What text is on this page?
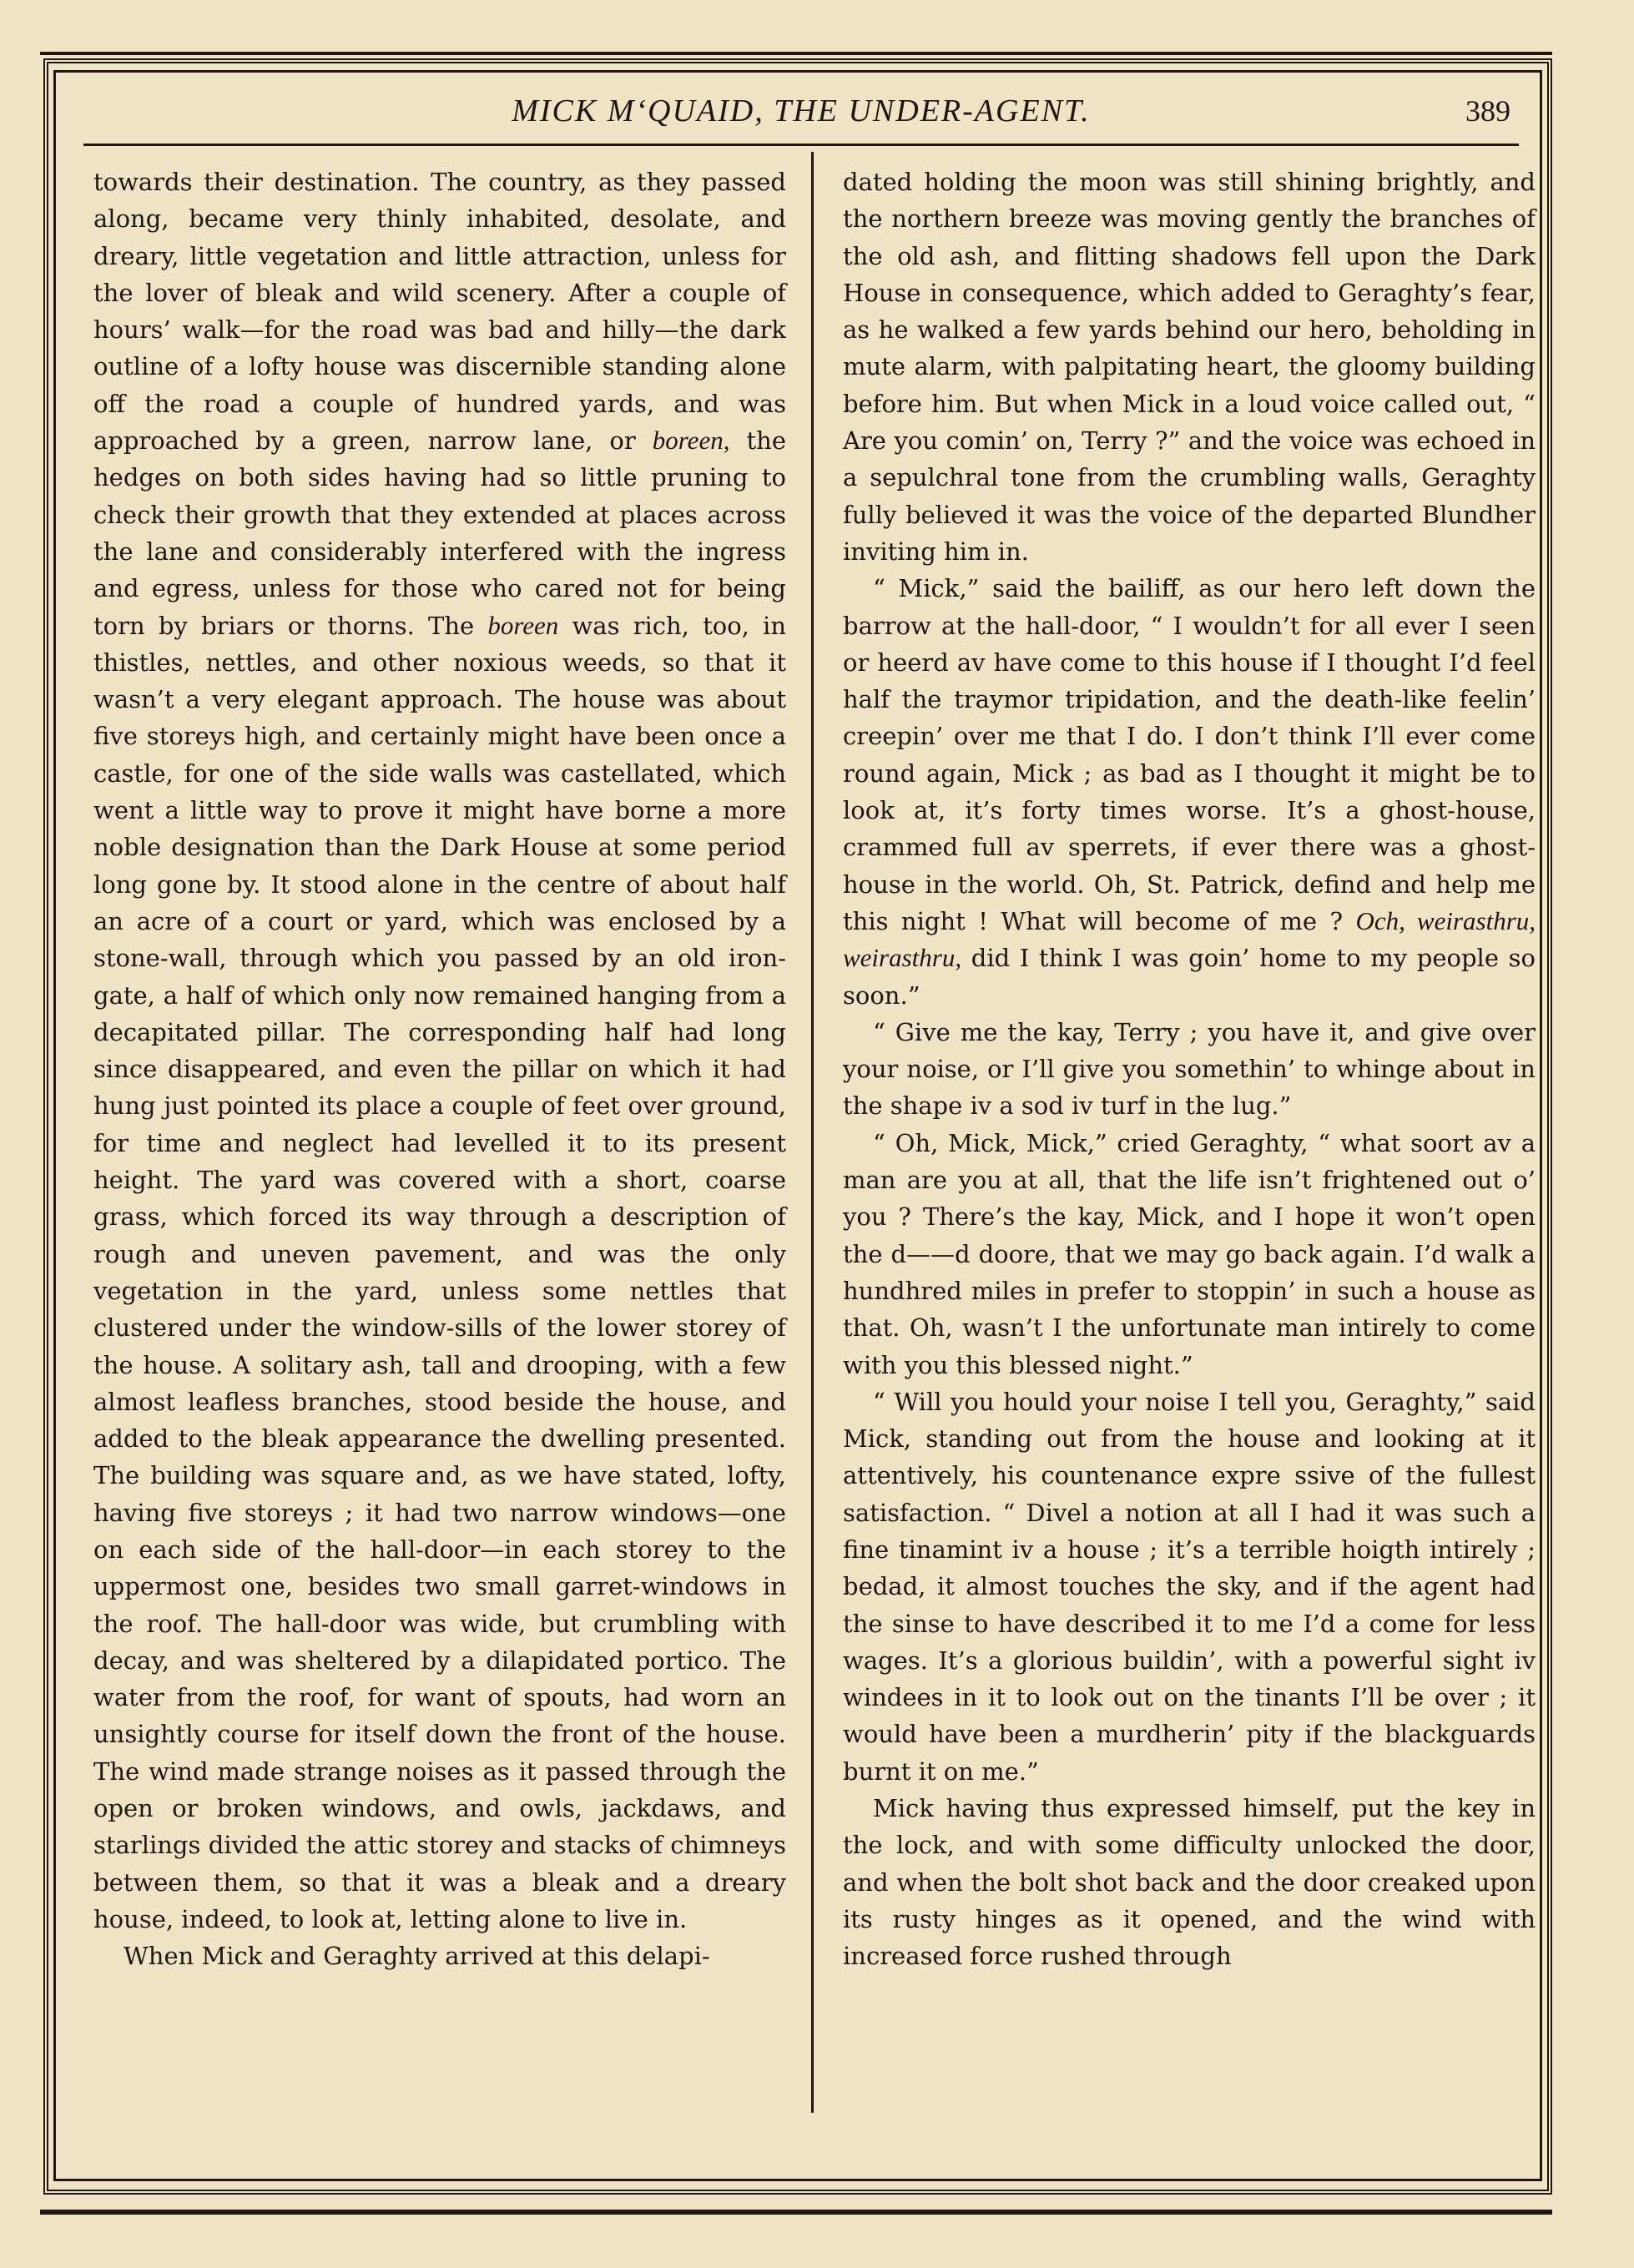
MICK M‘QUAID, THE UNDER-AGENT.	389

towards their destination. The country, as they passed along, became very thinly inhabited, desolate, and dreary, little vegetation and little attraction, unless for the lover of bleak and wild scenery. After a couple of hours’ walk—for the road was bad and hilly—the dark outline of a lofty house was discernible standing alone off the road a couple of hundred yards, and was approached by a green, narrow lane, or boreen, the hedges on both sides having had so little pruning to check their growth that they extended at places across the lane and considerably interfered with the ingress and egress, unless for those who cared not for being torn by briars or thorns. The boreen was rich, too, in thistles, nettles, and other noxious weeds, so that it wasn’t a very elegant approach. The house was about five storeys high, and certainly might have been once a castle, for one of the side walls was castellated, which went a little way to prove it might have borne a more noble designation than the Dark House at some period long gone by. It stood alone in the centre of about half an acre of a court or yard, which was enclosed by a stone-wall, through which you passed by an old iron-gate, a half of which only now remained hanging from a decapitated pillar. The corresponding half had long since disappeared, and even the pillar on which it had hung just pointed its place a couple of feet over ground, for time and neglect had levelled it to its present height. The yard was covered with a short, coarse grass, which forced its way through a description of rough and uneven pavement, and was the only vegetation in the yard, unless some nettles that clustered under the window-sills of the lower storey of the house. A solitary ash, tall and drooping, with a few almost leafless branches, stood beside the house, and added to the bleak appearance the dwelling presented. The building was square and, as we have stated, lofty, having five storeys ; it had two narrow windows—one on each side of the hall-door—in each storey to the uppermost one, besides two small garret-windows in the roof. The hall-door was wide, but crumbling with decay, and was sheltered by a dilapidated portico. The water from the roof, for want of spouts, had worn an unsightly course for itself down the front of the house. The wind made strange noises as it passed through the open or broken windows, and owls, jackdaws, and starlings divided the attic storey and stacks of chimneys between them, so that it was a bleak and a dreary house, indeed, to look at, letting alone to live in.

When Mick and Geraghty arrived at this delapi-

dated holding the moon was still shining brightly, and the northern breeze was moving gently the branches of the old ash, and flitting shadows fell upon the Dark House in consequence, which added to Geraghty’s fear, as he walked a few yards behind our hero, beholding in mute alarm, with palpitating heart, the gloomy building before him. But when Mick in a loud voice called out, “ Are you comin’ on, Terry ?” and the voice was echoed in a sepulchral tone from the crumbling walls, Geraghty fully believed it was the voice of the departed Blundher inviting him in.

“ Mick,” said the bailiff, as our hero left down the barrow at the hall-door, “ I wouldn’t for all ever I seen or heerd av have come to this house if I thought I’d feel half the traymor tripidation, and the death-like feelin’ creepin’ over me that I do. I don’t think I’ll ever come round again, Mick ; as bad as I thought it might be to look at, it’s forty times worse. It’s a ghost-house, crammed full av sperrets, if ever there was a ghost-house in the world. Oh, St. Patrick, defind and help me this night ! What will become of me ? Och, weirasthru, weirasthru, did I think I was goin’ home to my people so soon.”

“ Give me the kay, Terry ; you have it, and give over your noise, or I’ll give you somethin’ to whinge about in the shape iv a sod iv turf in the lug.”

“ Oh, Mick, Mick,” cried Geraghty, “ what soort av a man are you at all, that the life isn’t frightened out o’ you ? There’s the kay, Mick, and I hope it won’t open the d——d doore, that we may go back again. I’d walk a hundhred miles in prefer to stoppin’ in such a house as that. Oh, wasn’t I the unfortunate man intirely to come with you this blessed night.”

“ Will you hould your noise I tell you, Geraghty,” said Mick, standing out from the house and looking at it attentively, his countenance expre ssive of the fullest satisfaction. “ Divel a notion at all I had it was such a fine tinamint iv a house ; it’s a terrible hoigth intirely ; bedad, it almost touches the sky, and if the agent had the sinse to have described it to me I’d a come for less wages. It’s a glorious buildin’, with a powerful sight iv windees in it to look out on the tinants I’ll be over ; it would have been a murdherin’ pity if the blackguards burnt it on me.”

Mick having thus expressed himself, put the key in the lock, and with some difficulty unlocked the door, and when the bolt shot back and the door creaked upon its rusty hinges as it opened, and the wind with increased force rushed through
